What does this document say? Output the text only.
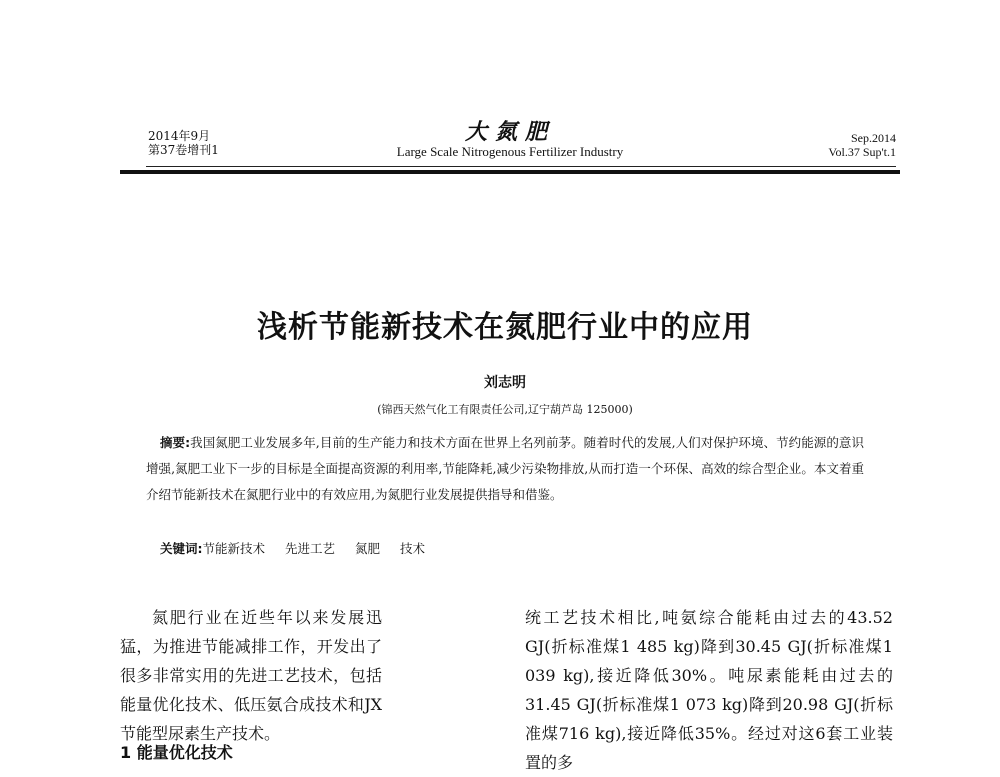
2014年9月
第37卷增刊1
大氮肥
Large Scale Nitrogenous Fertilizer Industry
Sep.2014
Vol.37 Sup't.1
浅析节能新技术在氮肥行业中的应用
刘志明
(锦西天然气化工有限责任公司,辽宁葫芦岛 125000)
摘要:我国氮肥工业发展多年,目前的生产能力和技术方面在世界上名列前茅。随着时代的发展,人们对保护环境、节约能源的意识增强,氮肥工业下一步的目标是全面提高资源的利用率,节能降耗,减少污染物排放,从而打造一个环保、高效的综合型企业。本文着重介绍节能新技术在氮肥行业中的有效应用,为氮肥行业发展提供指导和借鉴。
关键词:节能新技术 先进工艺 氮肥 技术

氮肥行业在近些年以来发展迅猛，为推进节能减排工作，开发出了很多非常实用的先进工艺技术，包括能量优化技术、低压氨合成技术和JX节能型尿素生产技术。

1 能量优化技术

统工艺技术相比,吨氨综合能耗由过去的43.52 GJ(折标准煤1 485 kg)降到30.45 GJ(折标准煤1 039 kg),接近降低30%。吨尿素能耗由过去的31.45 GJ(折标准煤1 073 kg)降到20.98 GJ(折标准煤716 kg),接近降低35%。经过对这6套工业装置的多
